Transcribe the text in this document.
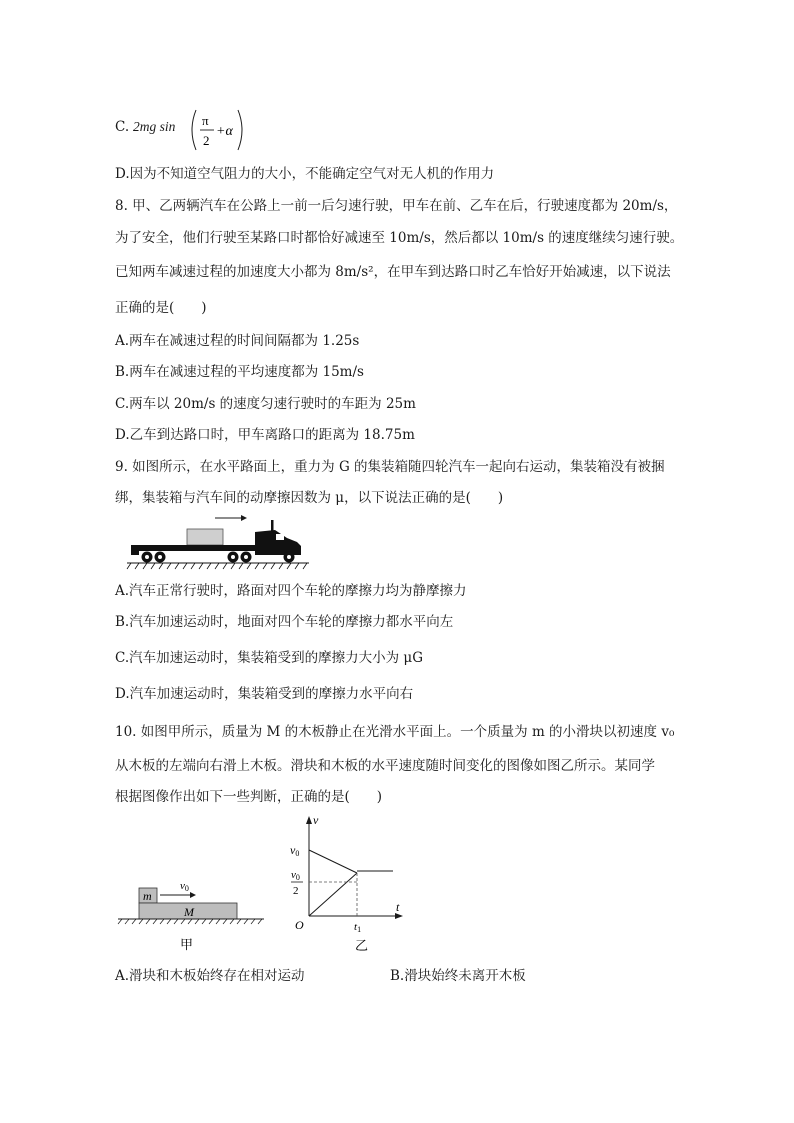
C. 2mg sin π
2
+α
D.因为不知道空气阻力的大小，不能确定空气对无人机的作用力
8. 甲、乙两辆汽车在公路上一前一后匀速行驶，甲车在前、乙车在后，行驶速度都为 20m/s，
为了安全，他们行驶至某路口时都恰好减速至 10m/s，然后都以 10m/s 的速度继续匀速行驶。
已知两车减速过程的加速度大小都为 8m/s²，在甲车到达路口时乙车恰好开始减速，以下说法
正确的是(　　)
A.两车在减速过程的时间间隔都为 1.25s
B.两车在减速过程的平均速度都为 15m/s
C.两车以 20m/s 的速度匀速行驶时的车距为 25m
D.乙车到达路口时，甲车离路口的距离为 18.75m
9. 如图所示，在水平路面上，重力为 G 的集装箱随四轮汽车一起向右运动，集装箱没有被捆
绑，集装箱与汽车间的动摩擦因数为 μ，以下说法正确的是(　　)
A.汽车正常行驶时，路面对四个车轮的摩擦力均为静摩擦力
B.汽车加速运动时，地面对四个车轮的摩擦力都水平向左
C.汽车加速运动时，集装箱受到的摩擦力大小为 μG
D.汽车加速运动时，集装箱受到的摩擦力水平向右
10. 如图甲所示，质量为 M 的木板静止在光滑水平面上。一个质量为 m 的小滑块以初速度 v₀
从木板的左端向右滑上木板。滑块和木板的水平速度随时间变化的图像如图乙所示。某同学
根据图像作出如下一些判断，正确的是(　　)
m
M
v0
甲
v
t
O
v0
v0
2
t1
乙
A.滑块和木板始终存在相对运动	B.滑块始终未离开木板
